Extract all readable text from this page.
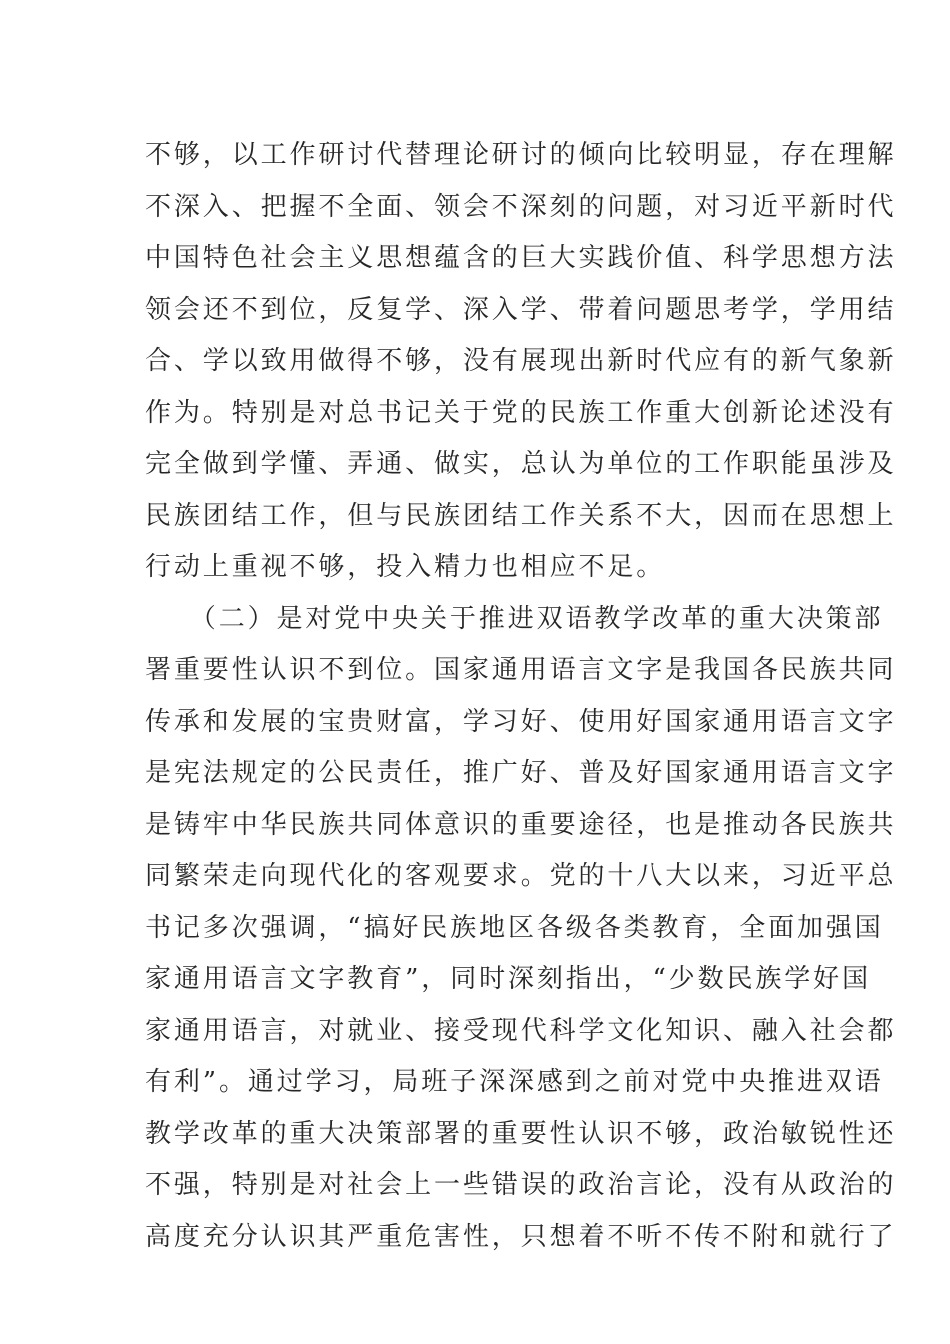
不够，以工作研讨代替理论研讨的倾向比较明显，存在理解
不深入、把握不全面、领会不深刻的问题，对习近平新时代
中国特色社会主义思想蕴含的巨大实践价值、科学思想方法
领会还不到位，反复学、深入学、带着问题思考学，学用结
合、学以致用做得不够，没有展现出新时代应有的新气象新
作为。特别是对总书记关于党的民族工作重大创新论述没有
完全做到学懂、弄通、做实，总认为单位的工作职能虽涉及
民族团结工作，但与民族团结工作关系不大，因而在思想上
行动上重视不够，投入精力也相应不足。
　　（二）是对党中央关于推进双语教学改革的重大决策部
署重要性认识不到位。国家通用语言文字是我国各民族共同
传承和发展的宝贵财富，学习好、使用好国家通用语言文字
是宪法规定的公民责任，推广好、普及好国家通用语言文字
是铸牢中华民族共同体意识的重要途径，也是推动各民族共
同繁荣走向现代化的客观要求。党的十八大以来，习近平总
书记多次强调，“搞好民族地区各级各类教育，全面加强国
家通用语言文字教育”，同时深刻指出，“少数民族学好国
家通用语言，对就业、接受现代科学文化知识、融入社会都
有利”。通过学习，局班子深深感到之前对党中央推进双语
教学改革的重大决策部署的重要性认识不够，政治敏锐性还
不强，特别是对社会上一些错误的政治言论，没有从政治的
高度充分认识其严重危害性，只想着不听不传不附和就行了
